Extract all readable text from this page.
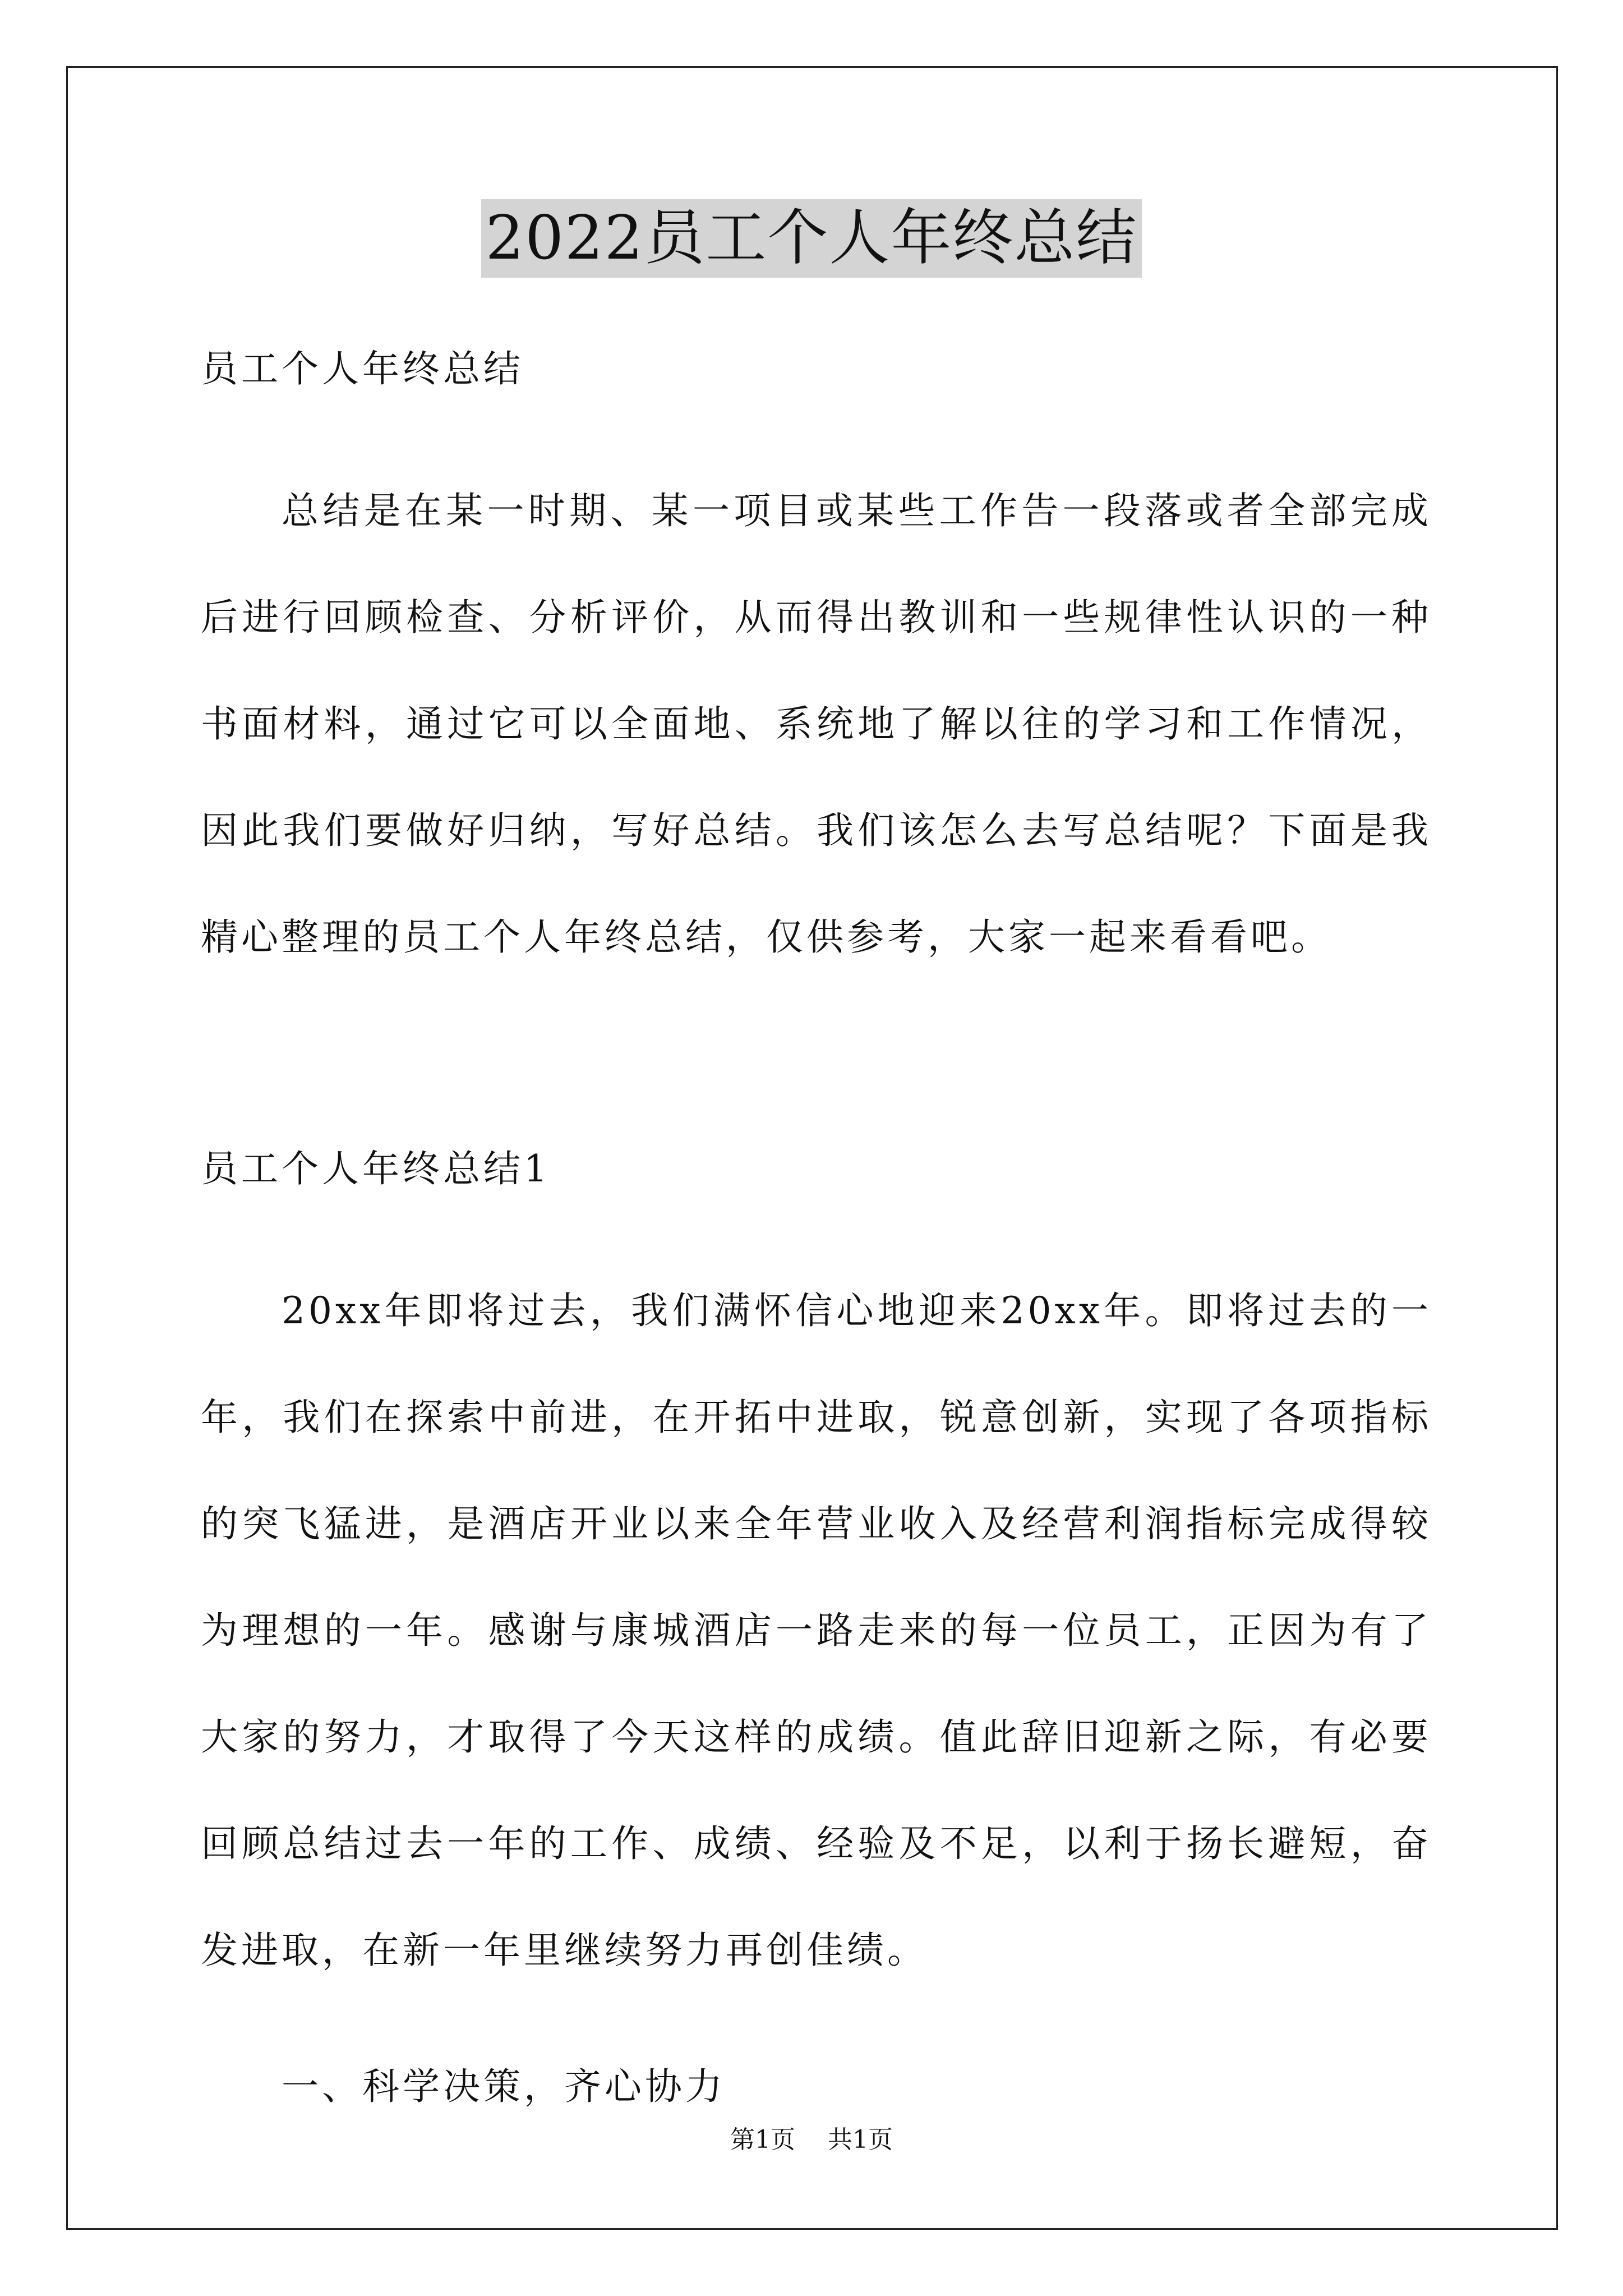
2022员工个人年终总结

员工个人年终总结

总结是在某一时期、某一项目或某些工作告一段落或者全部完成后进行回顾检查、分析评价，从而得出教训和一些规律性认识的一种书面材料，通过它可以全面地、系统地了解以往的学习和工作情况，因此我们要做好归纳，写好总结。我们该怎么去写总结呢？下面是我精心整理的员工个人年终总结，仅供参考，大家一起来看看吧。

员工个人年终总结1

20xx年即将过去，我们满怀信心地迎来20xx年。即将过去的一年，我们在探索中前进，在开拓中进取，锐意创新，实现了各项指标的突飞猛进，是酒店开业以来全年营业收入及经营利润指标完成得较为理想的一年。感谢与康城酒店一路走来的每一位员工，正因为有了大家的努力，才取得了今天这样的成绩。值此辞旧迎新之际，有必要回顾总结过去一年的工作、成绩、经验及不足，以利于扬长避短，奋发进取，在新一年里继续努力再创佳绩。

一、科学决策，齐心协力

第1页 共1页
